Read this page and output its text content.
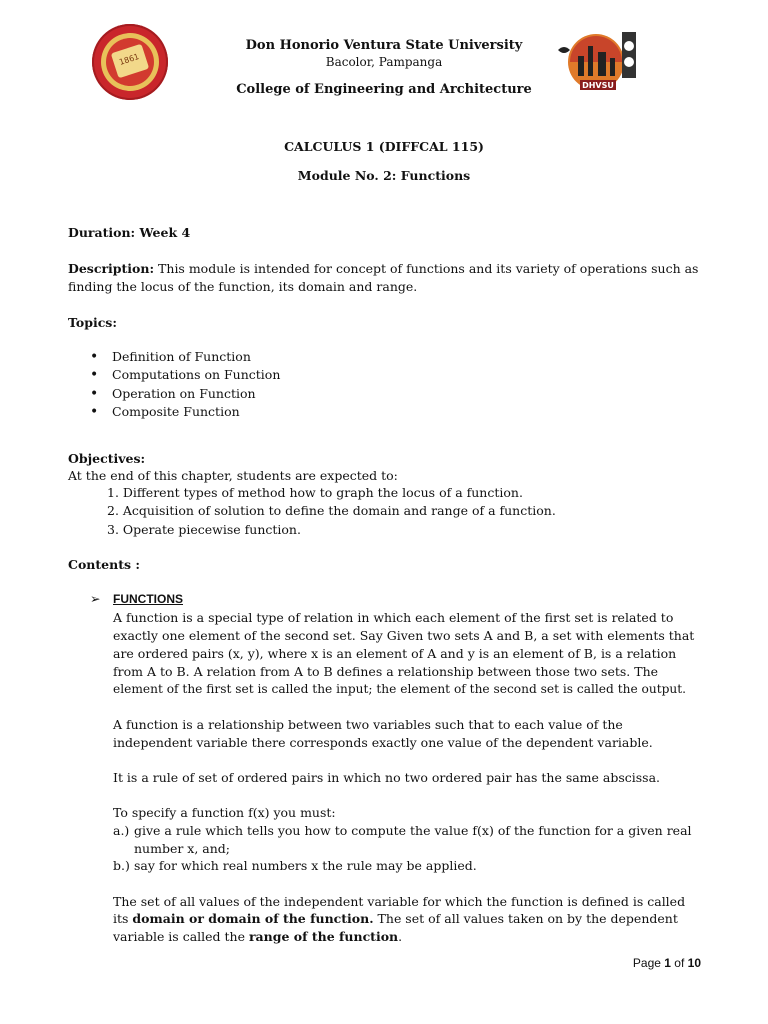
1861
DHVSU
Don Honorio Ventura State University
Bacolor, Pampanga
College of Engineering and Architecture
CALCULUS 1 (DIFFCAL 115)
Module No. 2: Functions
Duration: Week 4
Description: This module is intended for concept of functions and its variety of operations such as
finding the locus of the function, its domain and range.
Topics:
• Definition of Function
• Computations on Function
• Operation on Function
• Composite Function
Objectives:
At the end of this chapter, students are expected to:
1. Different types of method how to graph the locus of a function.
2. Acquisition of solution to define the domain and range of a function.
3. Operate piecewise function.
Contents :
➢ FUNCTIONS
A function is a special type of relation in which each element of the first set is related to
exactly one element of the second set. Say Given two sets A and B, a set with elements that
are ordered pairs (x, y), where x is an element of A and y is an element of B, is a relation
from A to B. A relation from A to B defines a relationship between those two sets. The
element of the first set is called the input; the element of the second set is called the output.
A function is a relationship between two variables such that to each value of the
independent variable there corresponds exactly one value of the dependent variable.
It is a rule of set of ordered pairs in which no two ordered pair has the same abscissa.
To specify a function f(x) you must:
a.) give a rule which tells you how to compute the value f(x) of the function for a given real
number x, and;
b.) say for which real numbers x the rule may be applied.
The set of all values of the independent variable for which the function is defined is called
its domain or domain of the function. The set of all values taken on by the dependent
variable is called the range of the function.
Page 1 of 10
